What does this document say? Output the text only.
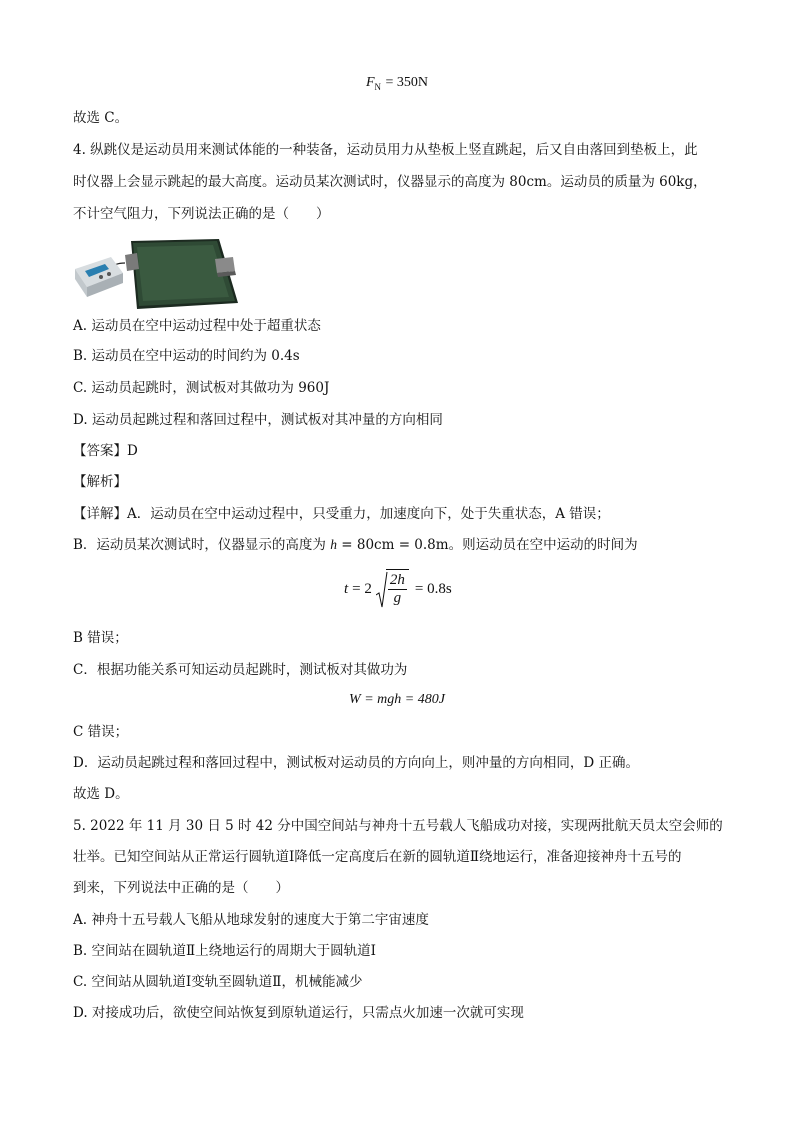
$F_N = 350N$
故选 C。
4. 纵跳仪是运动员用来测试体能的一种装备，运动员用力从垫板上竖直跳起，后又自由落回到垫板上，此
时仪器上会显示跳起的最大高度。运动员某次测试时，仪器显示的高度为 80cm。运动员的质量为 60kg，
不计空气阻力，下列说法正确的是（　　）
A. 运动员在空中运动过程中处于超重状态
B. 运动员在空中运动的时间约为 0.4s
C. 运动员起跳时，测试板对其做功为 960J
D. 运动员起跳过程和落回过程中，测试板对其冲量的方向相同
【答案】D
【解析】
【详解】A．运动员在空中运动过程中，只受重力，加速度向下，处于失重状态，A 错误；
B．运动员某次测试时，仪器显示的高度为 h = 80cm = 0.8m。则运动员在空中运动的时间为
$t = 2 \frac{2h}{g} = 0.8s$
B 错误；
C．根据功能关系可知运动员起跳时，测试板对其做功为
W = mgh = 480J
C 错误；
D．运动员起跳过程和落回过程中，测试板对运动员的方向向上，则冲量的方向相同，D 正确。
故选 D。
5. 2022 年 11 月 30 日 5 时 42 分中国空间站与神舟十五号载人飞船成功对接，实现两批航天员太空会师的
壮举。已知空间站从正常运行圆轨道Ⅰ降低一定高度后在新的圆轨道Ⅱ绕地运行，准备迎接神舟十五号的
到来，下列说法中正确的是（　　）
A. 神舟十五号载人飞船从地球发射的速度大于第二宇宙速度
B. 空间站在圆轨道Ⅱ上绕地运行的周期大于圆轨道Ⅰ
C. 空间站从圆轨道Ⅰ变轨至圆轨道Ⅱ，机械能减少
D. 对接成功后，欲使空间站恢复到原轨道运行，只需点火加速一次就可实现
